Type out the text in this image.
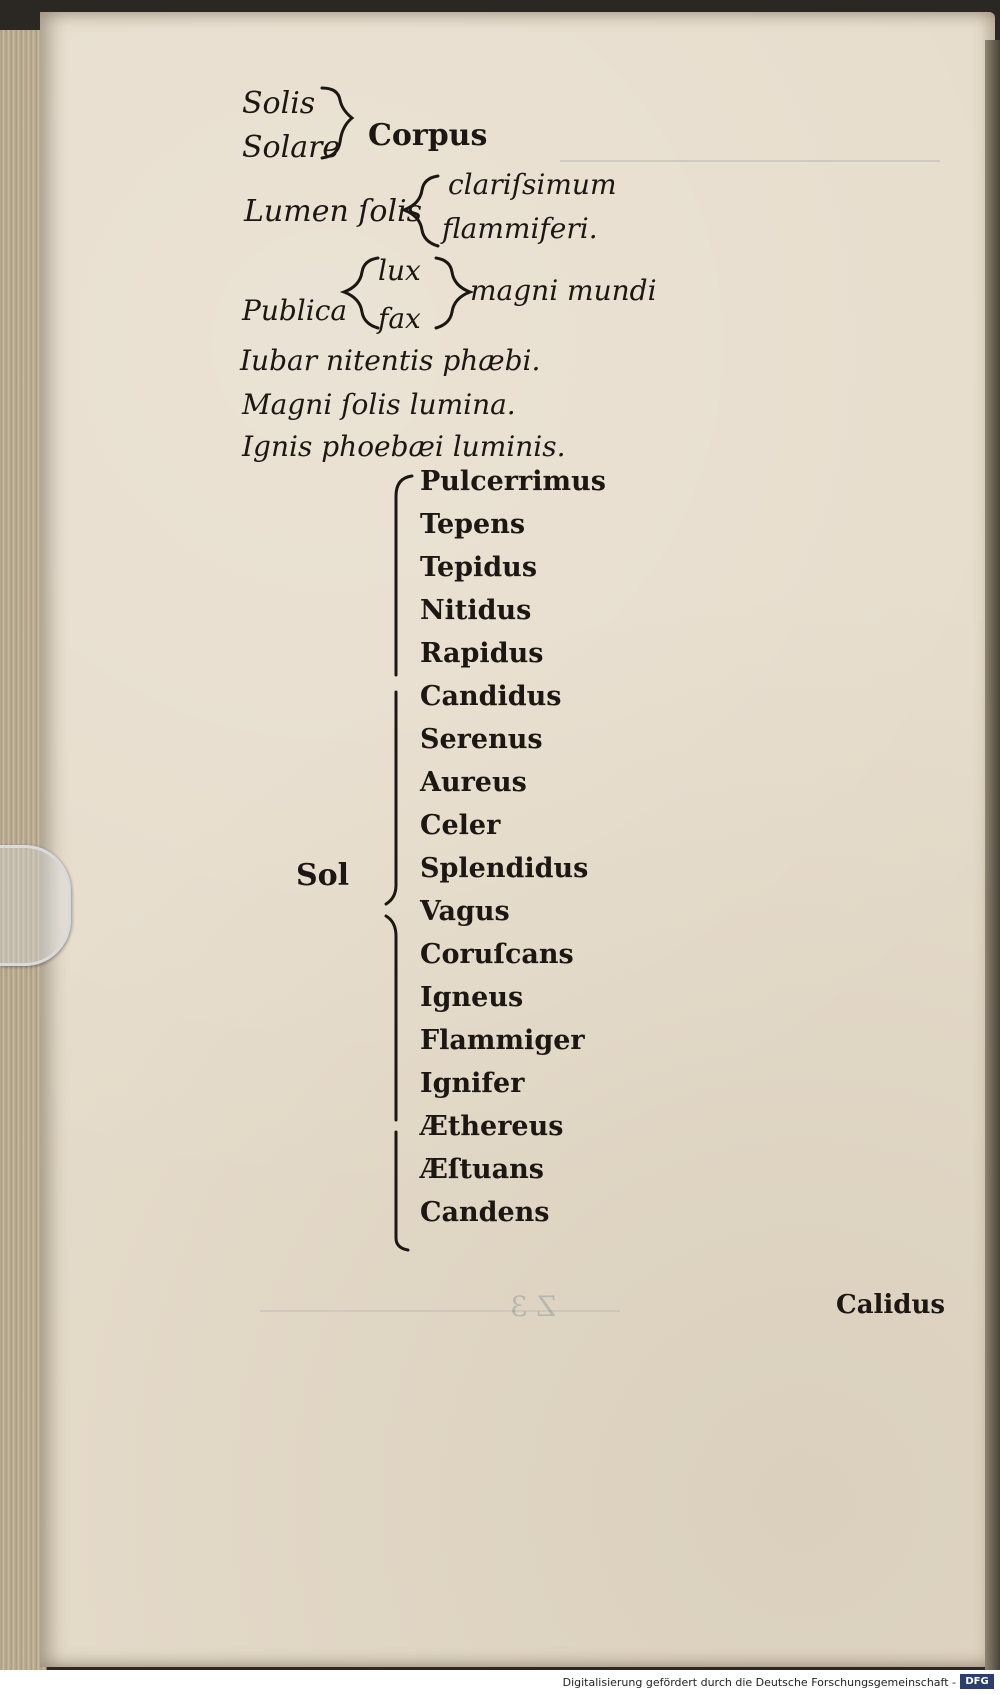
Solis
Solare Corpus
Lumen ſolis
clariſsimum
flammiferi.
lux
Publica fax
magni mundi
Iubar nitentis phæbi.
Magni ſolis lumina.
Ignis phoebæi luminis.
Sol
Pulcerrimus
Tepens
Tepidus
Nitidus
Rapidus
Candidus
Serenus
Aureus
Celer
Splendidus
Vagus
Coruſcans
Igneus
Flammiger
Ignifer
Æthereus
Æſtuans
Candens
Calidus
Z 3
Digitalisierung gefördert durch die Deutsche Forschungsgemeinschaft - DFG
